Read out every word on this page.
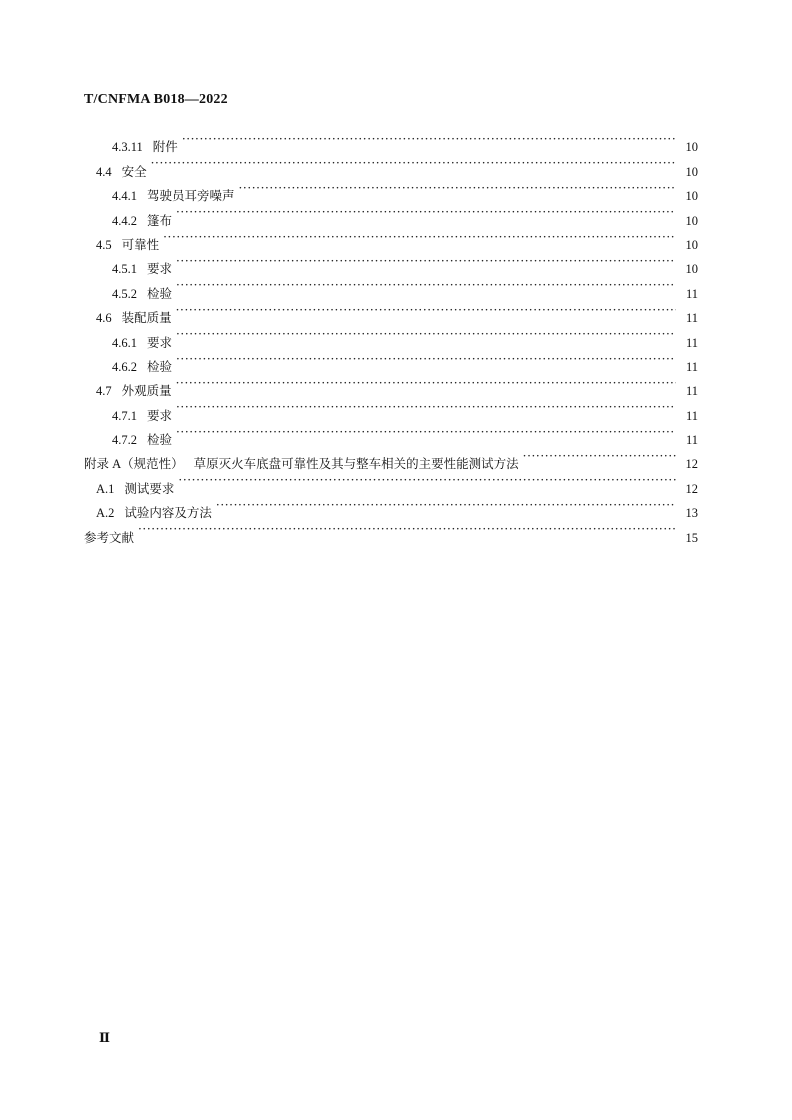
T/CNFMA B018—2022
4.3.11 附件 ·····	10
4.4 安全 ·····	10
4.4.1 驾驶员耳旁噪声 ·····	10
4.4.2 篷布 ·····	10
4.5 可靠性 ·····	10
4.5.1 要求 ·····	10
4.5.2 检验 ·····	11
4.6 装配质量 ·····	11
4.6.1 要求 ·····	11
4.6.2 检验 ·····	11
4.7 外观质量 ·····	11
4.7.1 要求 ·····	11
4.7.2 检验 ·····	11
附录 A（规范性） 草原灭火车底盘可靠性及其与整车相关的主要性能测试方法 ·····	12
A.1 测试要求 ·····	12
A.2 试验内容及方法 ·····	13
参考文献 ·····	15
Ⅱ
